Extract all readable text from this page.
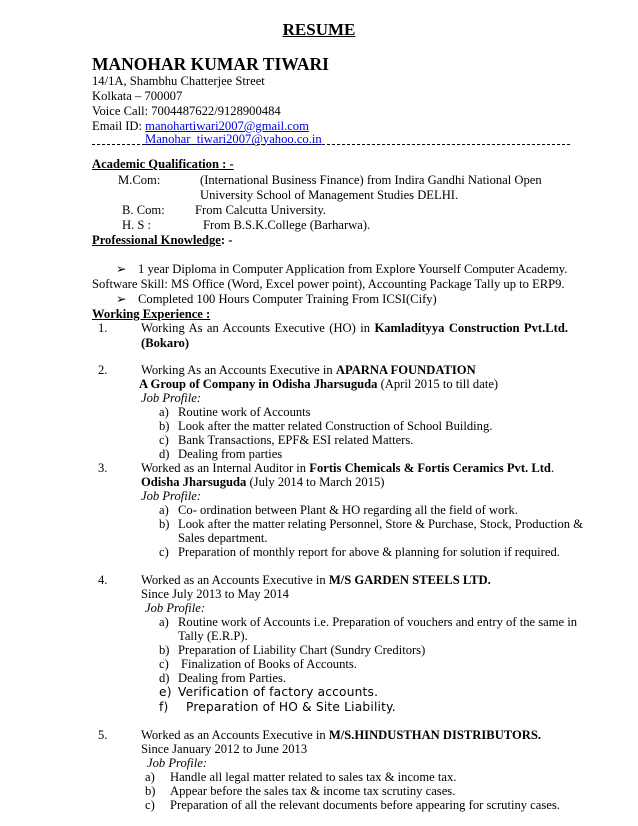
RESUME
MANOHAR KUMAR TIWARI
14/1A, Shambhu Chatterjee Street
Kolkata – 700007
Voice Call: 7004487622/9128900484
Email ID: manohartiwari2007@gmail.com
Manohar_tiwari2007@yahoo.co.in
Academic Qualification : -
M.Com:	(International Business Finance) from Indira Gandhi National Open
University School of Management Studies DELHI.
B. Com: From Calcutta University.
H. S :	From B.S.K.College (Barharwa).
Professional Knowledge: -
➢ 1 year Diploma in Computer Application from Explore Yourself Computer Academy.
Software Skill: MS Office (Word, Excel power point), Accounting Package Tally up to ERP9.
➢ Completed 100 Hours Computer Training From ICSI(Cify)
Working Experience :
1.	Working As an Accounts Executive (HO) in Kamladityya Construction Pvt.Ltd.
(Bokaro)
2.	Working As an Accounts Executive in APARNA FOUNDATION
A Group of Company in Odisha Jharsuguda (April 2015 to till date)
Job Profile:
a) Routine work of Accounts
b) Look after the matter related Construction of School Building.
c) Bank Transactions, EPF& ESI related Matters.
d) Dealing from parties
3.	Worked as an Internal Auditor in Fortis Chemicals & Fortis Ceramics Pvt. Ltd.
Odisha Jharsuguda (July 2014 to March 2015)
Job Profile:
a) Co- ordination between Plant & HO regarding all the field of work.
b) Look after the matter relating Personnel, Store & Purchase, Stock, Production &
Sales department.
c) Preparation of monthly report for above & planning for solution if required.
4.	Worked as an Accounts Executive in M/S GARDEN STEELS LTD.
Since July 2013 to May 2014
Job Profile:
a) Routine work of Accounts i.e. Preparation of vouchers and entry of the same in
Tally (E.R.P).
b) Preparation of Liability Chart (Sundry Creditors)
c) Finalization of Books of Accounts.
d) Dealing from Parties.
e) Verification of factory accounts.
f) Preparation of HO & Site Liability.
5.	Worked as an Accounts Executive in M/S.HINDUSTHAN DISTRIBUTORS.
Since January 2012 to June 2013
Job Profile:
a) Handle all legal matter related to sales tax & income tax.
b) Appear before the sales tax & income tax scrutiny cases.
c) Preparation of all the relevant documents before appearing for scrutiny cases.
